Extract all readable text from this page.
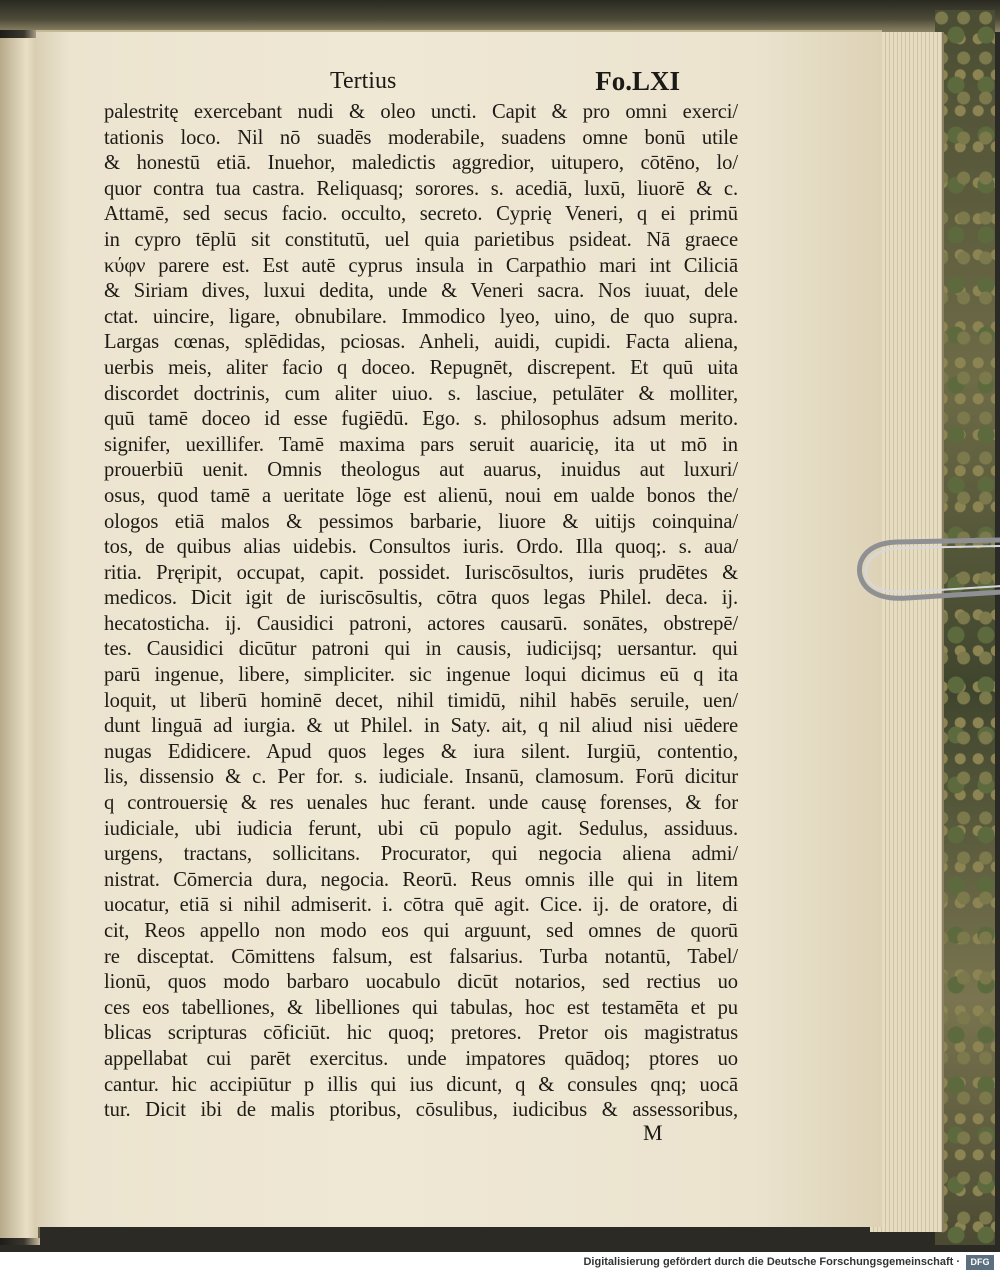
Tertius	Fo.LXI
palestritę exercebant nudi & oleo uncti. Capit & pro omni exerci/
tationis loco. Nil nō suadēs moderabile, suadens omne bonū utile
& honestū etiā. Inuehor, maledictis aggredior, uitupero, cōtēno, lo/
quor contra tua castra. Reliquasq; sorores. s. acediā, luxū, liuorē & c.
Attamē, sed secus facio. occulto, secreto. Cyprię Veneri, q ei primū
in cypro tēplū sit constitutū, uel quia parietibus psideat. Nā graece
κύφν parere est. Est autē cyprus insula in Carpathio mari int Ciliciā
& Siriam dives, luxui dedita, unde & Veneri sacra. Nos iuuat, dele
ctat. uincire, ligare, obnubilare. Immodico lyeo, uino, de quo supra.
Largas cœnas, splēdidas, pciosas. Anheli, auidi, cupidi. Facta aliena,
uerbis meis, aliter facio q doceo. Repugnēt, discrepent. Et quū uita
discordet doctrinis, cum aliter uiuo. s. lasciue, petulāter & molliter,
quū tamē doceo id esse fugiēdū. Ego. s. philosophus adsum merito.
signifer, uexillifer. Tamē maxima pars seruit auaricię, ita ut mō in
prouerbiū uenit. Omnis theologus aut auarus, inuidus aut luxuri/
osus, quod tamē a ueritate lōge est alienū, noui em ualde bonos the/
ologos etiā malos & pessimos barbarie, liuore & uitijs coinquina/
tos, de quibus alias uidebis. Consultos iuris. Ordo. Illa quoq;. s. aua/
ritia. Pręripit, occupat, capit. possidet. Iuriscōsultos, iuris prudētes &
medicos. Dicit igit de iuriscōsultis, cōtra quos legas Philel. deca. ij.
hecatosticha. ij. Causidici patroni, actores causarū. sonātes, obstrepē/
tes. Causidici dicūtur patroni qui in causis, iudicijsq; uersantur. qui
parū ingenue, libere, simpliciter. sic ingenue loqui dicimus eū q ita
loquit, ut liberū hominē decet, nihil timidū, nihil habēs seruile, uen/
dunt linguā ad iurgia. & ut Philel. in Saty. ait, q nil aliud nisi uēdere
nugas Edidicere. Apud quos leges & iura silent. Iurgiū, contentio,
lis, dissensio & c. Per for. s. iudiciale. Insanū, clamosum. Forū dicitur
q controuersię & res uenales huc ferant. unde causę forenses, & for
iudiciale, ubi iudicia ferunt, ubi cū populo agit. Sedulus, assiduus.
urgens, tractans, sollicitans. Procurator, qui negocia aliena admi/
nistrat. Cōmercia dura, negocia. Reorū. Reus omnis ille qui in litem
uocatur, etiā si nihil admiserit. i. cōtra quē agit. Cice. ij. de oratore, di
cit, Reos appello non modo eos qui arguunt, sed omnes de quorū
re disceptat. Cōmittens falsum, est falsarius. Turba notantū, Tabel/
lionū, quos modo barbaro uocabulo dicūt notarios, sed rectius uo
ces eos tabelliones, & libelliones qui tabulas, hoc est testamēta et pu
blicas scripturas cōficiūt. hic quoq; pretores. Pretor ois magistratus
appellabat cui parēt exercitus. unde impatores quādoq; ptores uo
cantur. hic accipiūtur p illis qui ius dicunt, q & consules qnq; uocā
tur. Dicit ibi de malis ptoribus, cōsulibus, iudicibus & assessoribus,
M
Digitalisierung gefördert durch die Deutsche Forschungsgemeinschaft ·	DFG
